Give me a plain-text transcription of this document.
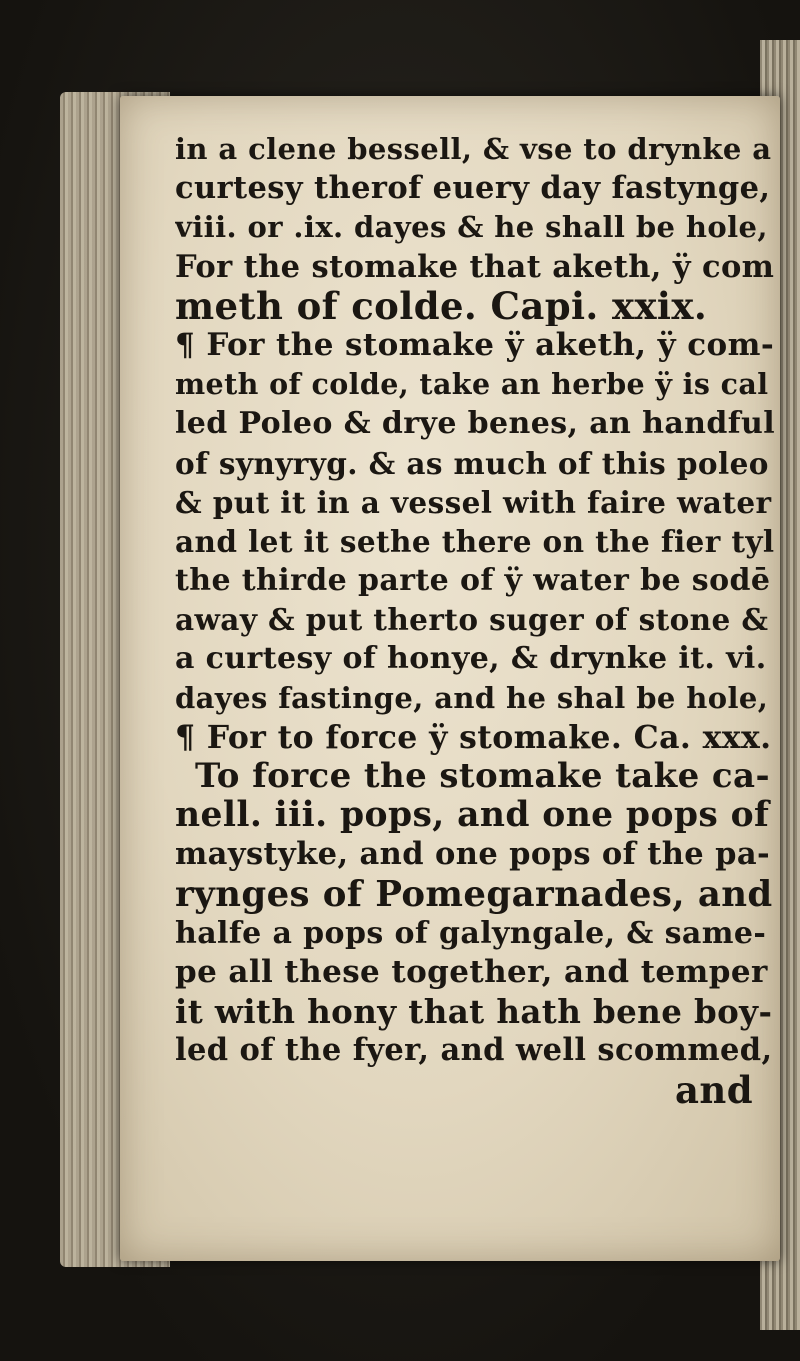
in a clene bessell, & vse to drynke a
curtesy therof euery day fastynge,
viii. or .ix. dayes & he shall be hole,
For the stomake that aketh, ÿ com
meth of colde. Capi. xxix.
¶ For the stomake ÿ aketh, ÿ com-
meth of colde, take an herbe ÿ is cal
led Poleo & drye benes, an handful
of synyryg. & as much of this poleo
& put it in a vessel with faire water
and let it sethe there on the fier tyl
the thirde parte of ÿ water be sodē
away & put therto suger of stone &
a curtesy of honye, & drynke it. vi.
dayes fastinge, and he shal be hole,
¶ For to force ÿ stomake. Ca. xxx.
To force the stomake take ca-
nell. iii. pops, and one pops of
maystyke, and one pops of the pa-
rynges of Pomegarnades, and
halfe a pops of galyngale, & same-
pe all these together, and temper
it with hony that hath bene boy-
led of the fyer, and well scommed,
and
